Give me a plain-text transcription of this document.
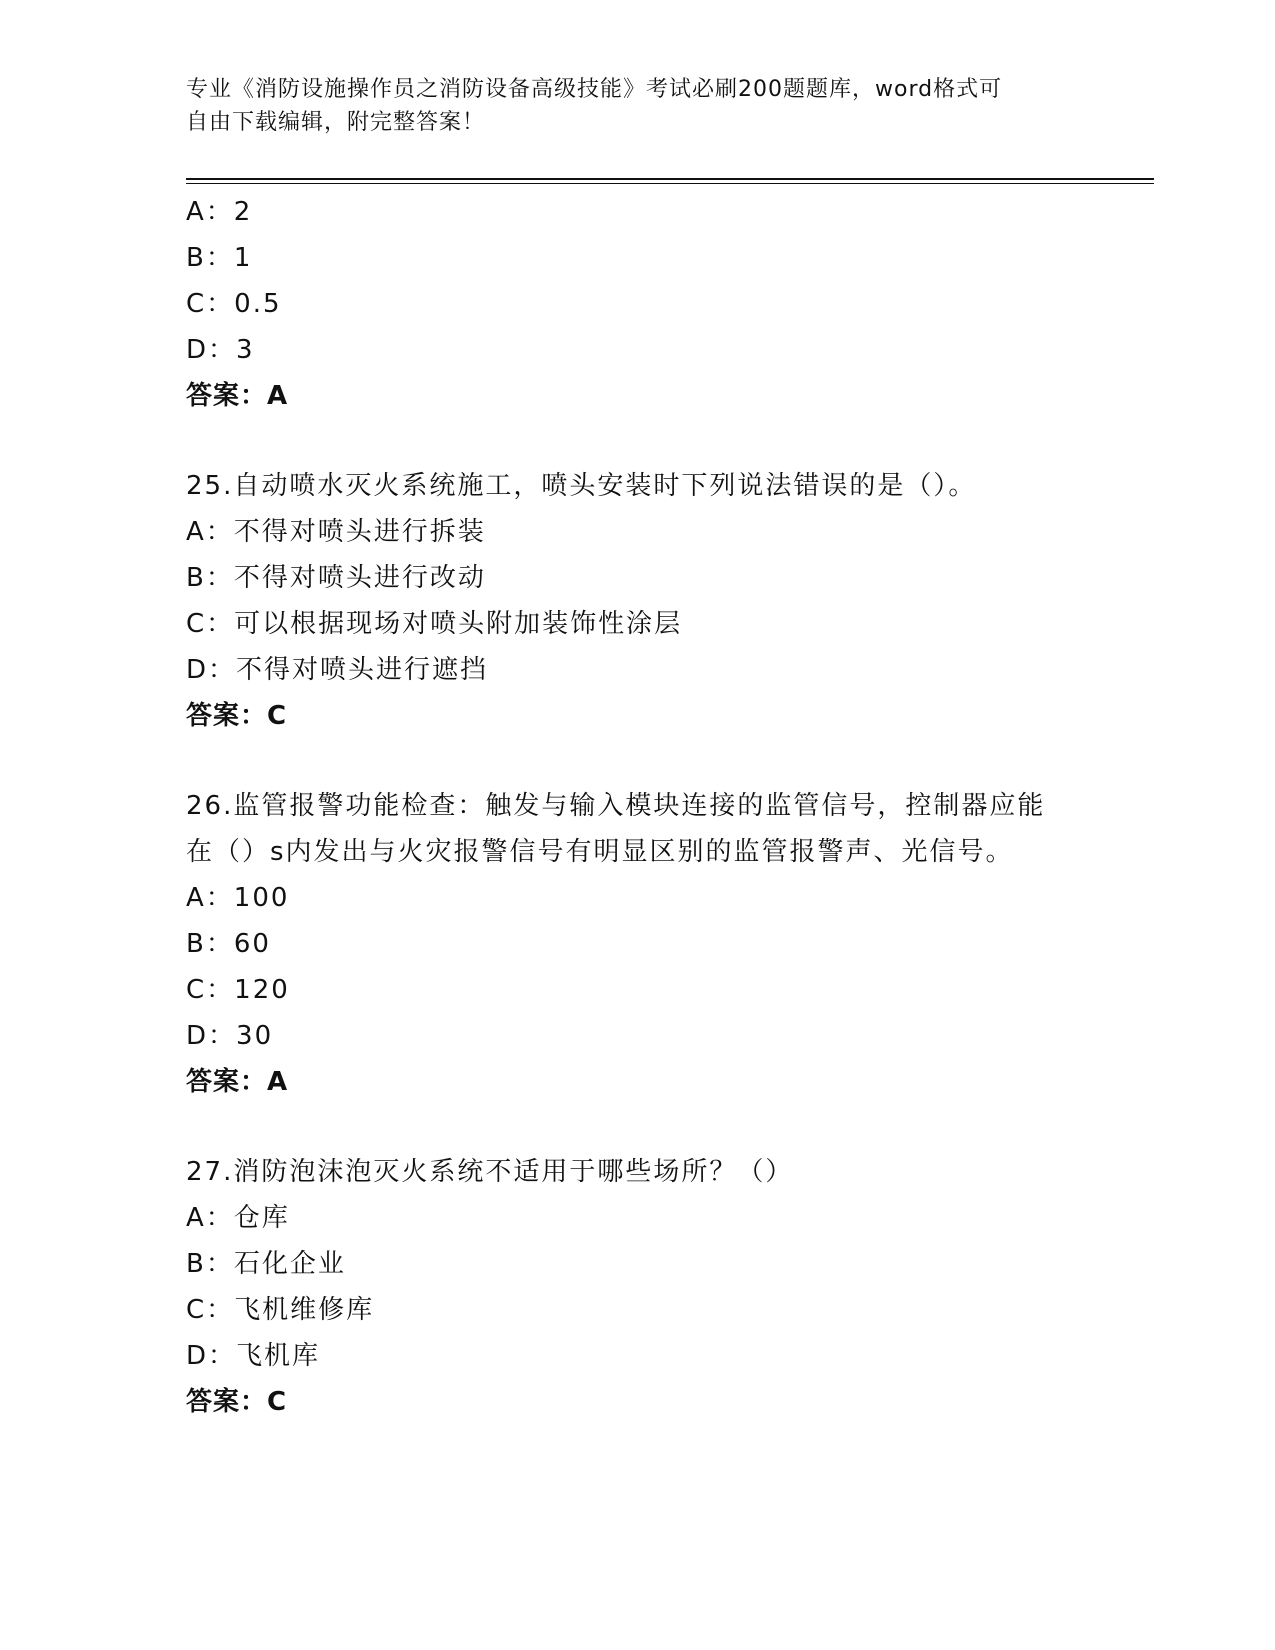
专业《消防设施操作员之消防设备高级技能》考试必刷200题题库，word格式可
自由下载编辑，附完整答案！
A：2
B：1
C：0.5
D：3
答案：A
25.自动喷水灭火系统施工，喷头安装时下列说法错误的是（）。
A：不得对喷头进行拆装
B：不得对喷头进行改动
C：可以根据现场对喷头附加装饰性涂层
D：不得对喷头进行遮挡
答案：C
26.监管报警功能检查：触发与输入模块连接的监管信号，控制器应能
在（）s内发出与火灾报警信号有明显区别的监管报警声、光信号。
A：100
B：60
C：120
D：30
答案：A
27.消防泡沫泡灭火系统不适用于哪些场所？（）
A：仓库
B：石化企业
C：飞机维修库
D：飞机库
答案：C
